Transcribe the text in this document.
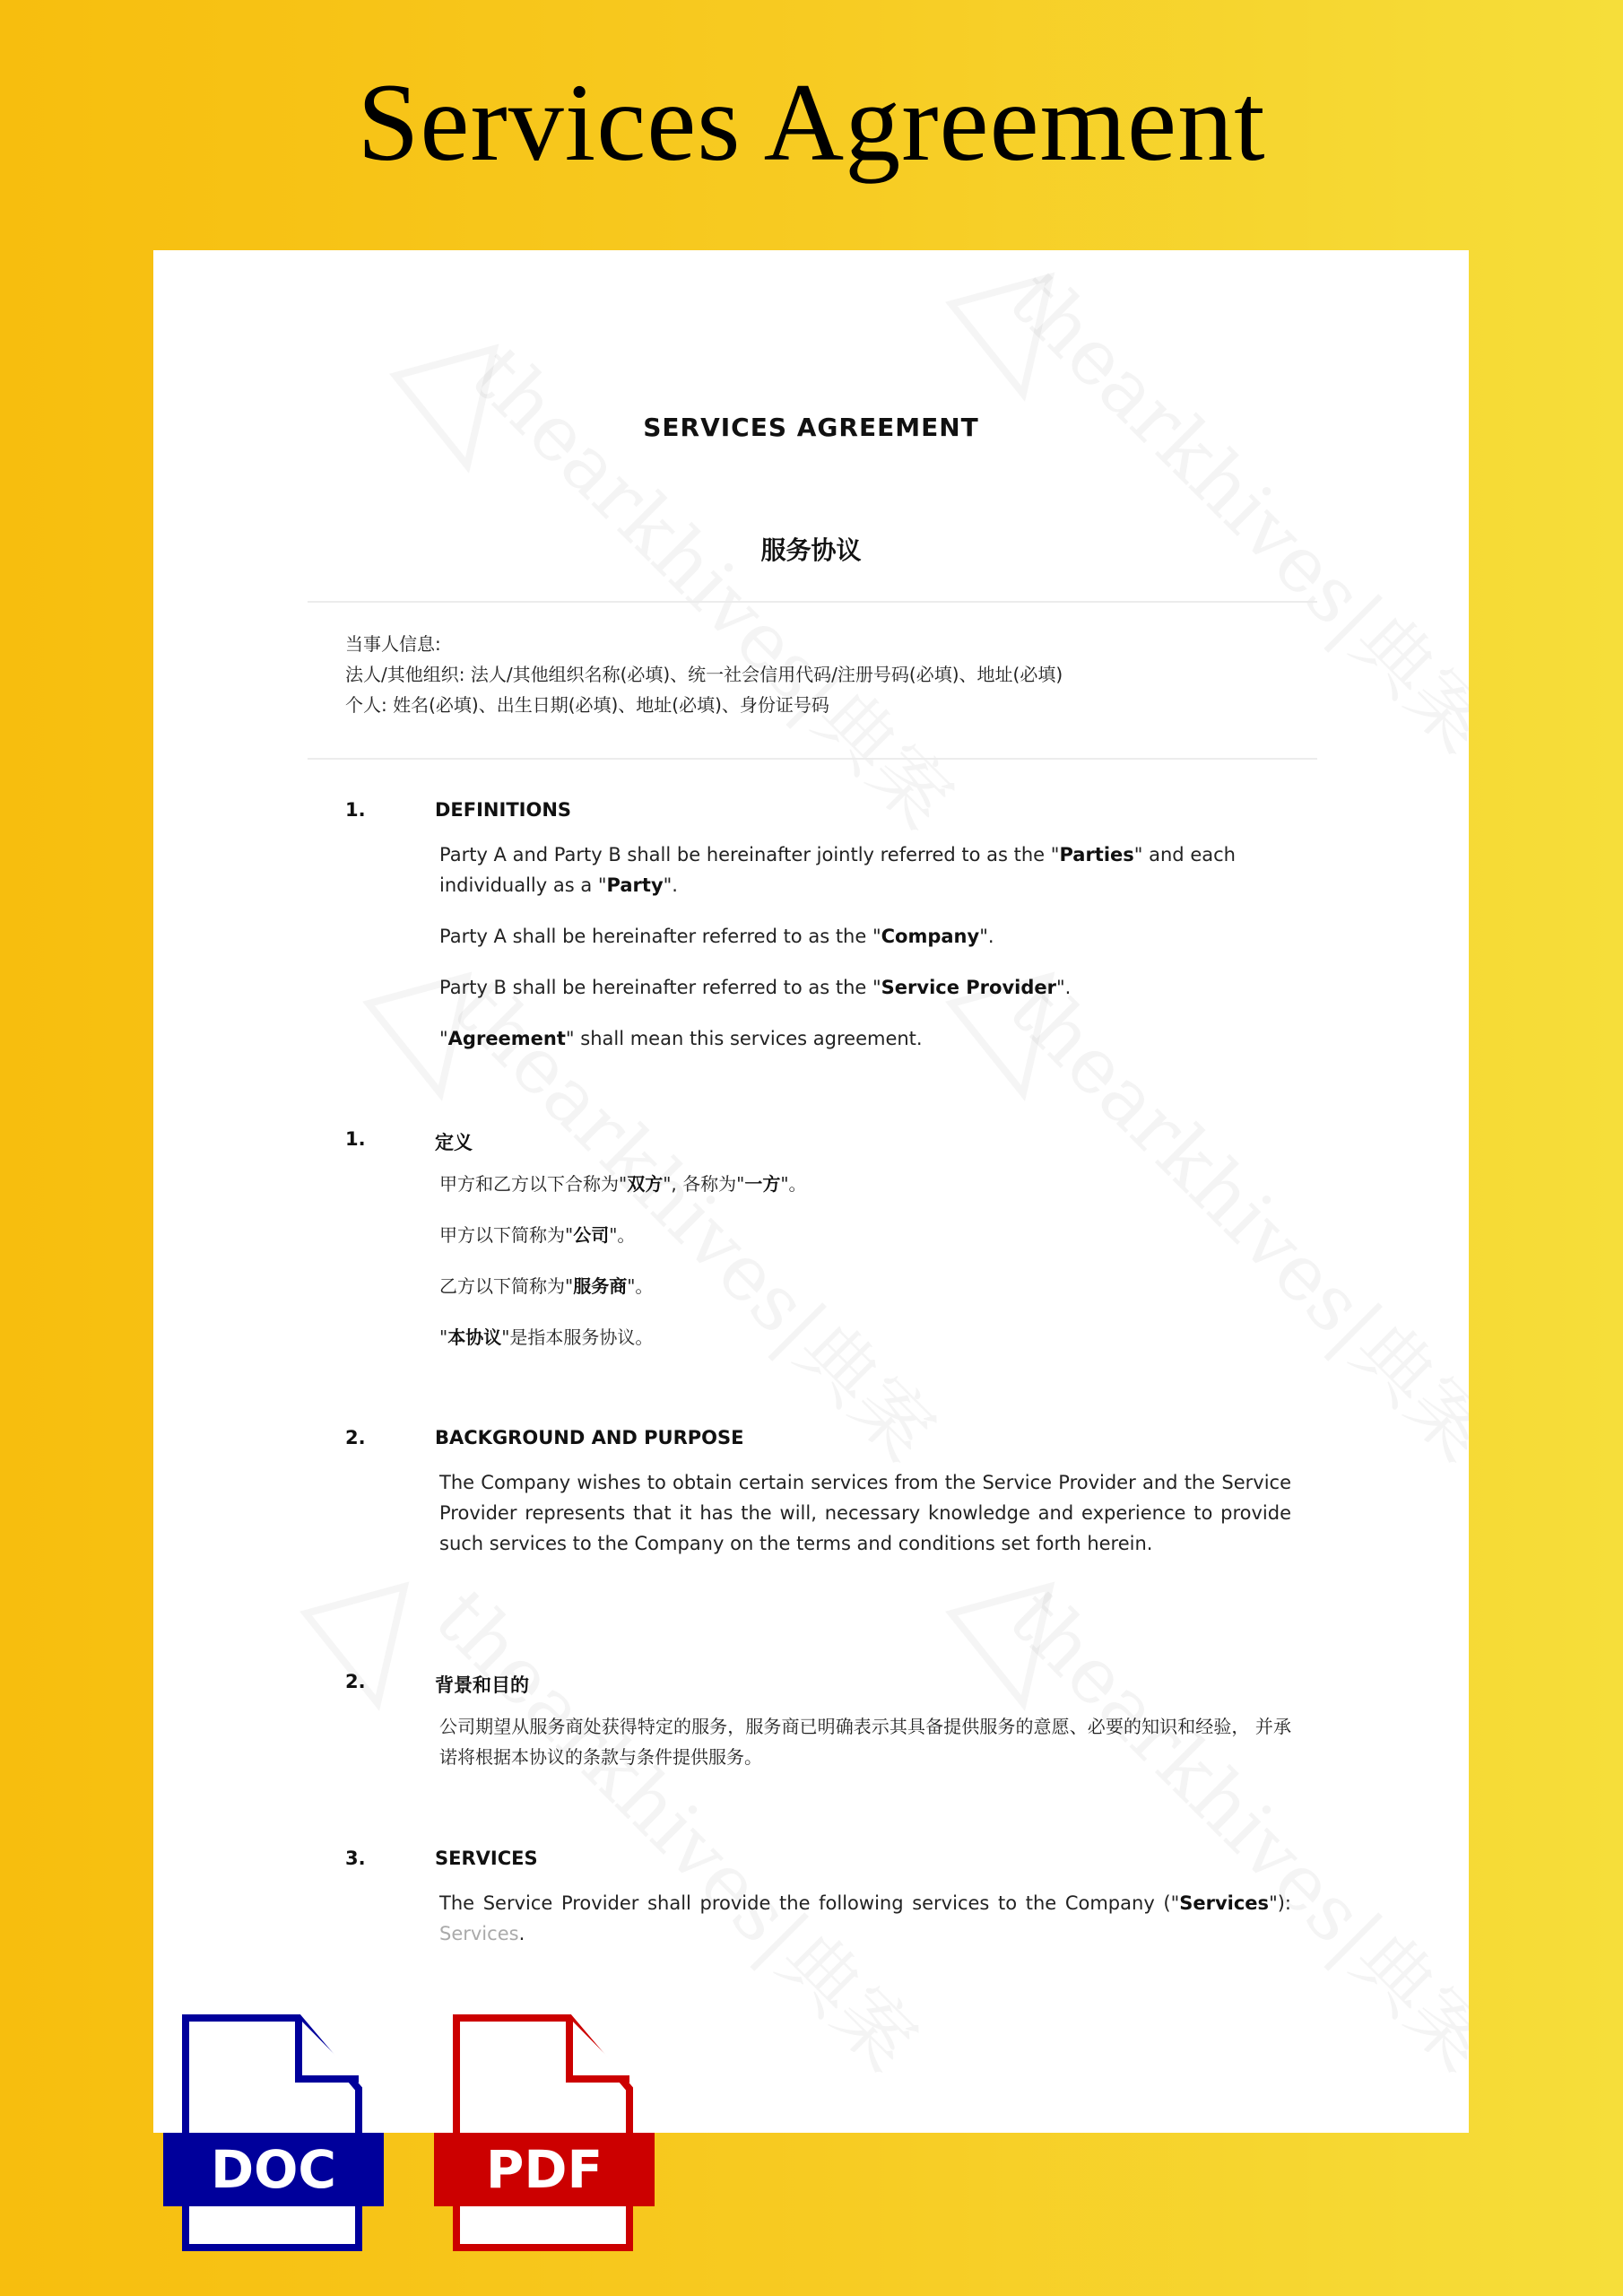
Services Agreement
SERVICES AGREEMENT
服务协议
当事人信息:
法人/其他组织: 法人/其他组织名称(必填)、统一社会信用代码/注册号码(必填)、地址(必填)
个人: 姓名(必填)、出生日期(必填)、地址(必填)、身份证号码
1.	DEFINITIONS
Party A and Party B shall be hereinafter jointly referred to as the "Parties" and each individually as a "Party".
Party A shall be hereinafter referred to as the "Company".
Party B shall be hereinafter referred to as the "Service Provider".
"Agreement" shall mean this services agreement.
1.	定义
甲方和乙方以下合称为"双方", 各称为"一方"。
甲方以下简称为"公司"。
乙方以下简称为"服务商"。
"本协议"是指本服务协议。
2.	BACKGROUND AND PURPOSE
The Company wishes to obtain certain services from the Service Provider and the Service Provider represents that it has the will, necessary knowledge and experience to provide such services to the Company on the terms and conditions set forth herein.
2.	背景和目的
公司期望从服务商处获得特定的服务，服务商已明确表示其具备提供服务的意愿、必要的知识和经验， 并承诺将根据本协议的条款与条件提供服务。
3.	SERVICES
The Service Provider shall provide the following services to the Company ("Services"): Services.
DOC	PDF
